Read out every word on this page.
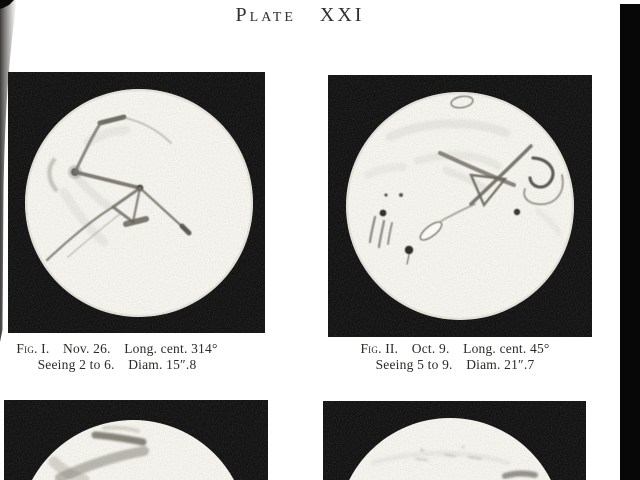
Plate XXI
Fig. I. Nov. 26. Long. cent. 314°
Seeing 2 to 6. Diam. 15″.8
Fig. II. Oct. 9. Long. cent. 45°
Seeing 5 to 9. Diam. 21″.7
